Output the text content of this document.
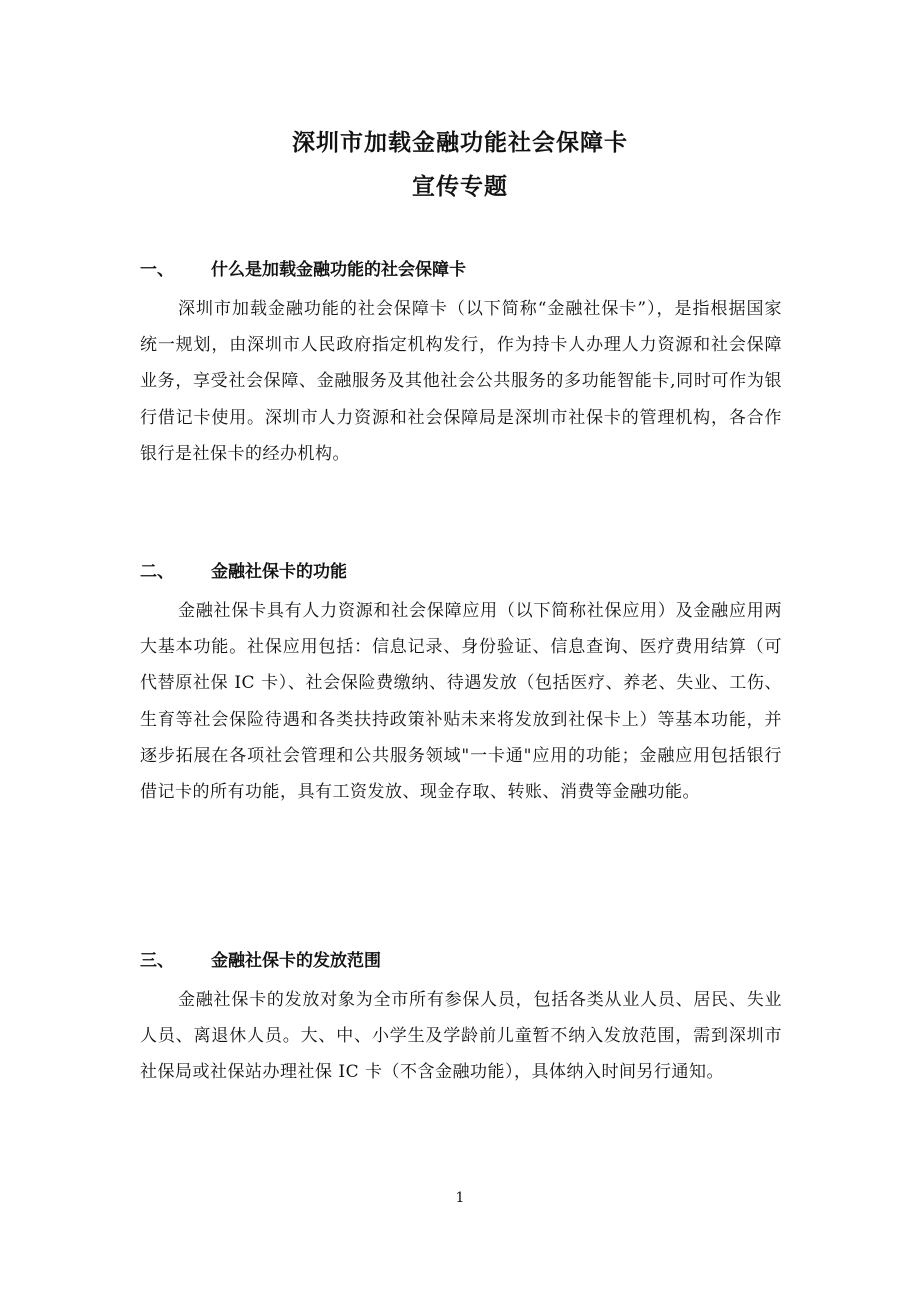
深圳市加载金融功能社会保障卡
宣传专题
一、 什么是加载金融功能的社会保障卡

深圳市加载金融功能的社会保障卡（以下简称“金融社保卡”），是指根据国家统一规划，由深圳市人民政府指定机构发行，作为持卡人办理人力资源和社会保障业务，享受社会保障、金融服务及其他社会公共服务的多功能智能卡,同时可作为银行借记卡使用。深圳市人力资源和社会保障局是深圳市社保卡的管理机构，各合作银行是社保卡的经办机构。

二、 金融社保卡的功能

金融社保卡具有人力资源和社会保障应用（以下简称社保应用）及金融应用两大基本功能。社保应用包括：信息记录、身份验证、信息查询、医疗费用结算（可代替原社保 IC 卡）、社会保险费缴纳、待遇发放（包括医疗、养老、失业、工伤、生育等社会保险待遇和各类扶持政策补贴未来将发放到社保卡上）等基本功能，并逐步拓展在各项社会管理和公共服务领域"一卡通"应用的功能；金融应用包括银行借记卡的所有功能，具有工资发放、现金存取、转账、消费等金融功能。

三、 金融社保卡的发放范围

金融社保卡的发放对象为全市所有参保人员，包括各类从业人员、居民、失业人员、离退休人员。大、中、小学生及学龄前儿童暂不纳入发放范围，需到深圳市社保局或社保站办理社保 IC 卡（不含金融功能），具体纳入时间另行通知。

1
